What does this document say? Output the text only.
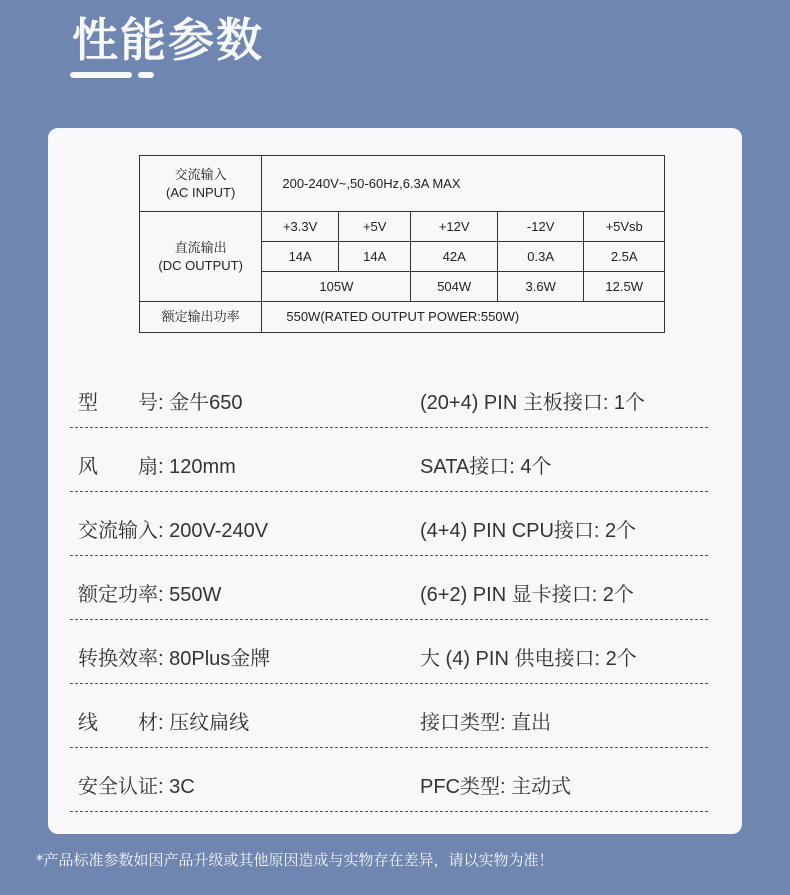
性能参数
交流输入
(AC INPUT)	200-240V~,50-60Hz,6.3A MAX				

直流输出
(DC OUTPUT)	+3.3V	+5V	+12V	-12V	+5Vsb
	14A	14A	42A	0.3A	2.5A
	105W		504W	3.6W	12.5W
额定输出功率	550W(RATED OUTPUT POWER:550W)				
型　　号: 金牛650	(20+4) PIN 主板接口: 1个
风　　扇: 120mm	SATA接口: 4个
交流输入: 200V-240V	(4+4) PIN CPU接口: 2个
额定功率: 550W	(6+2) PIN 显卡接口: 2个
转换效率: 80Plus金牌	大 (4) PIN 供电接口: 2个
线　　材: 压纹扁线	接口类型: 直出
安全认证: 3C	PFC类型: 主动式
*产品标准参数如因产品升级或其他原因造成与实物存在差异，请以实物为准！
